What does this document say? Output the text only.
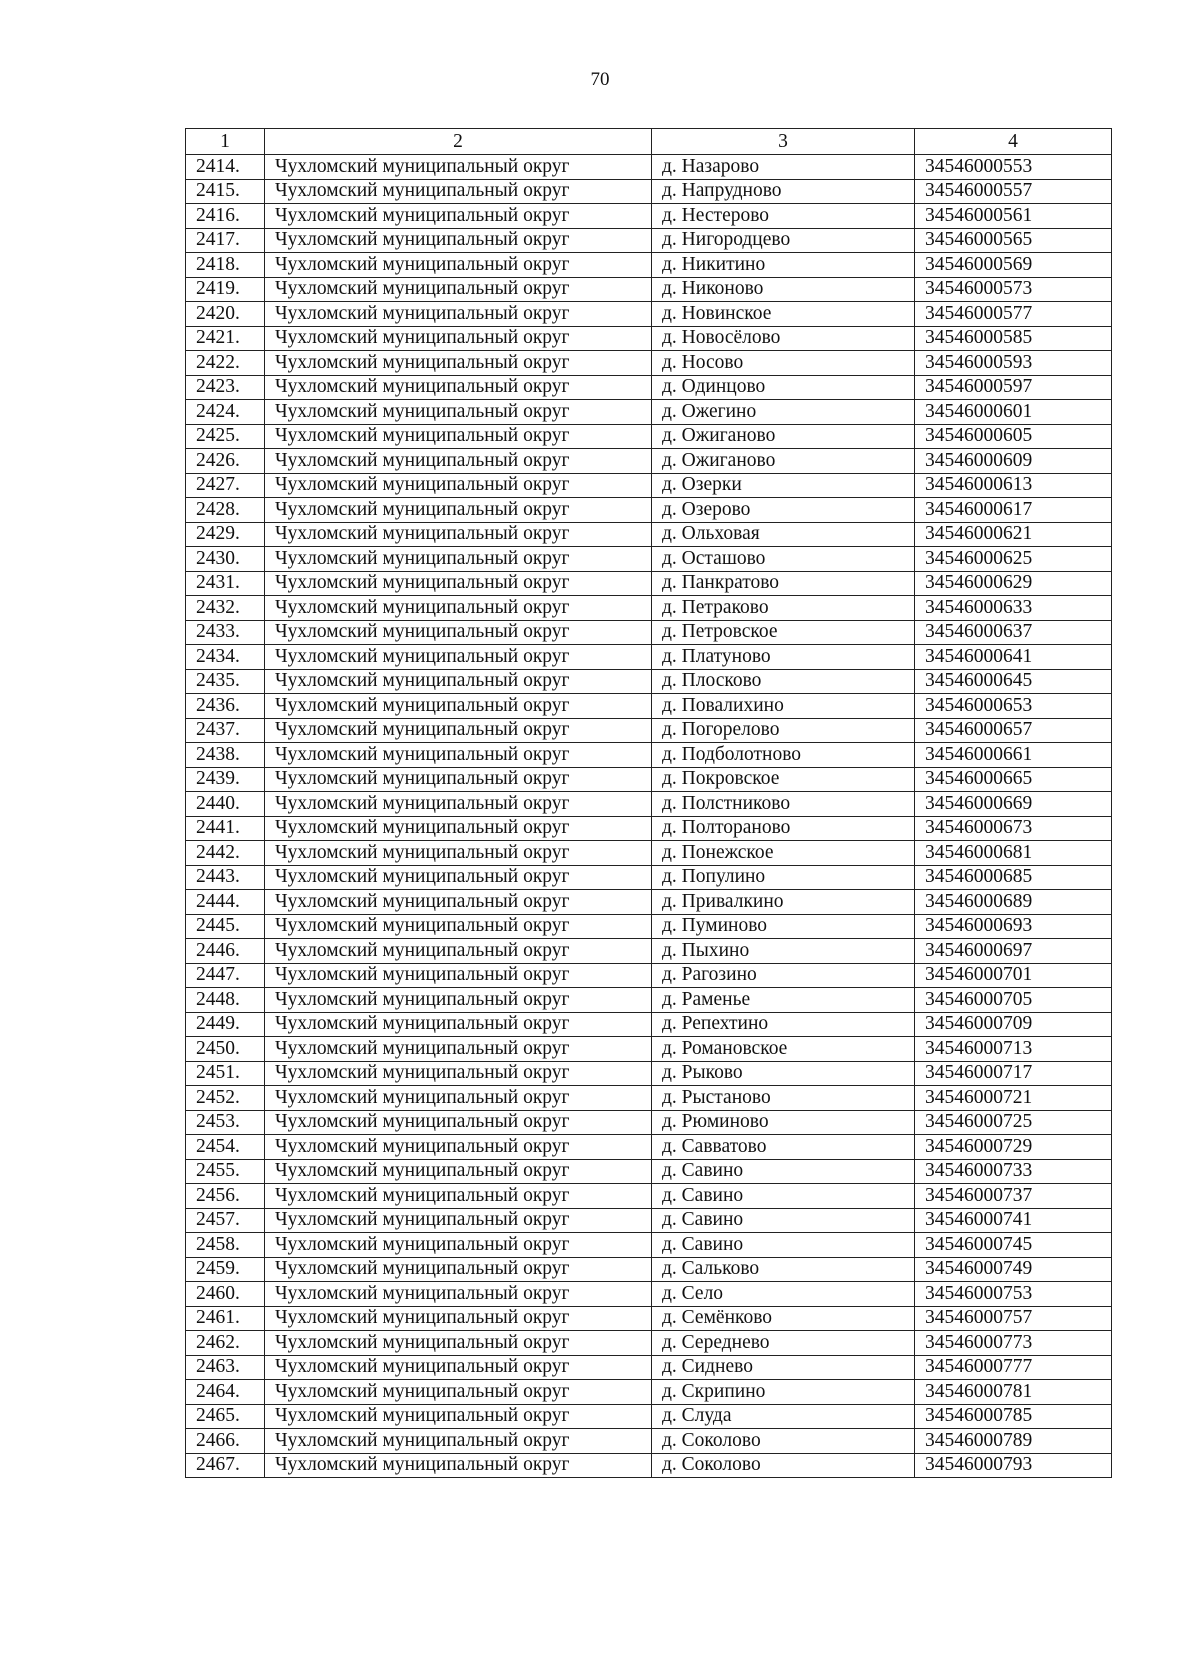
70
1	2	3	4
2414.	Чухломский муниципальный округ	д. Назарово	34546000553
2415.	Чухломский муниципальный округ	д. Напрудново	34546000557
2416.	Чухломский муниципальный округ	д. Нестерово	34546000561
2417.	Чухломский муниципальный округ	д. Нигородцево	34546000565
2418.	Чухломский муниципальный округ	д. Никитино	34546000569
2419.	Чухломский муниципальный округ	д. Никоново	34546000573
2420.	Чухломский муниципальный округ	д. Новинское	34546000577
2421.	Чухломский муниципальный округ	д. Новосёлово	34546000585
2422.	Чухломский муниципальный округ	д. Носово	34546000593
2423.	Чухломский муниципальный округ	д. Одинцово	34546000597
2424.	Чухломский муниципальный округ	д. Ожегино	34546000601
2425.	Чухломский муниципальный округ	д. Ожиганово	34546000605
2426.	Чухломский муниципальный округ	д. Ожиганово	34546000609
2427.	Чухломский муниципальный округ	д. Озерки	34546000613
2428.	Чухломский муниципальный округ	д. Озерово	34546000617
2429.	Чухломский муниципальный округ	д. Ольховая	34546000621
2430.	Чухломский муниципальный округ	д. Осташово	34546000625
2431.	Чухломский муниципальный округ	д. Панкратово	34546000629
2432.	Чухломский муниципальный округ	д. Петраково	34546000633
2433.	Чухломский муниципальный округ	д. Петровское	34546000637
2434.	Чухломский муниципальный округ	д. Платуново	34546000641
2435.	Чухломский муниципальный округ	д. Плосково	34546000645
2436.	Чухломский муниципальный округ	д. Повалихино	34546000653
2437.	Чухломский муниципальный округ	д. Погорелово	34546000657
2438.	Чухломский муниципальный округ	д. Подболотново	34546000661
2439.	Чухломский муниципальный округ	д. Покровское	34546000665
2440.	Чухломский муниципальный округ	д. Полстниково	34546000669
2441.	Чухломский муниципальный округ	д. Полтораново	34546000673
2442.	Чухломский муниципальный округ	д. Понежское	34546000681
2443.	Чухломский муниципальный округ	д. Популино	34546000685
2444.	Чухломский муниципальный округ	д. Привалкино	34546000689
2445.	Чухломский муниципальный округ	д. Пуминово	34546000693
2446.	Чухломский муниципальный округ	д. Пыхино	34546000697
2447.	Чухломский муниципальный округ	д. Рагозино	34546000701
2448.	Чухломский муниципальный округ	д. Раменье	34546000705
2449.	Чухломский муниципальный округ	д. Репехтино	34546000709
2450.	Чухломский муниципальный округ	д. Романовское	34546000713
2451.	Чухломский муниципальный округ	д. Рыково	34546000717
2452.	Чухломский муниципальный округ	д. Рыстаново	34546000721
2453.	Чухломский муниципальный округ	д. Рюминово	34546000725
2454.	Чухломский муниципальный округ	д. Савватово	34546000729
2455.	Чухломский муниципальный округ	д. Савино	34546000733
2456.	Чухломский муниципальный округ	д. Савино	34546000737
2457.	Чухломский муниципальный округ	д. Савино	34546000741
2458.	Чухломский муниципальный округ	д. Савино	34546000745
2459.	Чухломский муниципальный округ	д. Сальково	34546000749
2460.	Чухломский муниципальный округ	д. Село	34546000753
2461.	Чухломский муниципальный округ	д. Семёнково	34546000757
2462.	Чухломский муниципальный округ	д. Середнево	34546000773
2463.	Чухломский муниципальный округ	д. Сиднево	34546000777
2464.	Чухломский муниципальный округ	д. Скрипино	34546000781
2465.	Чухломский муниципальный округ	д. Слуда	34546000785
2466.	Чухломский муниципальный округ	д. Соколово	34546000789
2467.	Чухломский муниципальный округ	д. Соколово	34546000793
